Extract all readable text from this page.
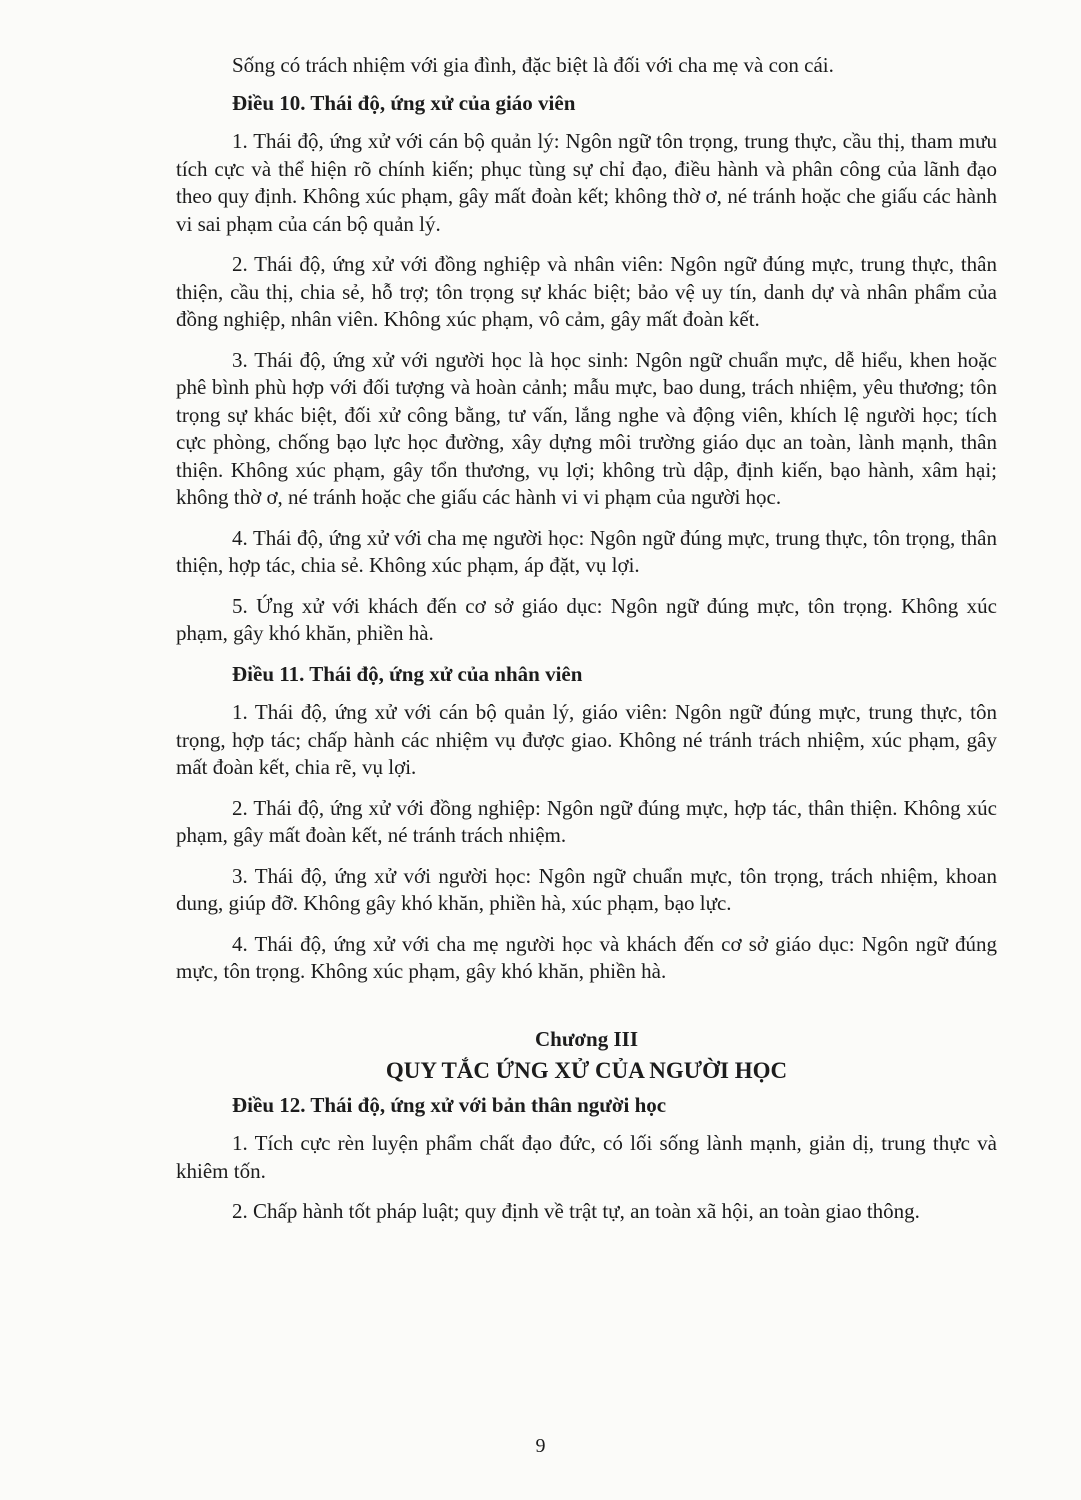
Sống có trách nhiệm với gia đình, đặc biệt là đối với cha mẹ và con cái.

Điều 10. Thái độ, ứng xử của giáo viên

1. Thái độ, ứng xử với cán bộ quản lý: Ngôn ngữ tôn trọng, trung thực, cầu thị, tham mưu tích cực và thể hiện rõ chính kiến; phục tùng sự chỉ đạo, điều hành và phân công của lãnh đạo theo quy định. Không xúc phạm, gây mất đoàn kết; không thờ ơ, né tránh hoặc che giấu các hành vi sai phạm của cán bộ quản lý.

2. Thái độ, ứng xử với đồng nghiệp và nhân viên: Ngôn ngữ đúng mực, trung thực, thân thiện, cầu thị, chia sẻ, hỗ trợ; tôn trọng sự khác biệt; bảo vệ uy tín, danh dự và nhân phẩm của đồng nghiệp, nhân viên. Không xúc phạm, vô cảm, gây mất đoàn kết.

3. Thái độ, ứng xử với người học là học sinh: Ngôn ngữ chuẩn mực, dễ hiểu, khen hoặc phê bình phù hợp với đối tượng và hoàn cảnh; mẫu mực, bao dung, trách nhiệm, yêu thương; tôn trọng sự khác biệt, đối xử công bằng, tư vấn, lắng nghe và động viên, khích lệ người học; tích cực phòng, chống bạo lực học đường, xây dựng môi trường giáo dục an toàn, lành mạnh, thân thiện. Không xúc phạm, gây tổn thương, vụ lợi; không trù dập, định kiến, bạo hành, xâm hại; không thờ ơ, né tránh hoặc che giấu các hành vi vi phạm của người học.

4. Thái độ, ứng xử với cha mẹ người học: Ngôn ngữ đúng mực, trung thực, tôn trọng, thân thiện, hợp tác, chia sẻ. Không xúc phạm, áp đặt, vụ lợi.

5. Ứng xử với khách đến cơ sở giáo dục: Ngôn ngữ đúng mực, tôn trọng. Không xúc phạm, gây khó khăn, phiền hà.

Điều 11. Thái độ, ứng xử của nhân viên

1. Thái độ, ứng xử với cán bộ quản lý, giáo viên: Ngôn ngữ đúng mực, trung thực, tôn trọng, hợp tác; chấp hành các nhiệm vụ được giao. Không né tránh trách nhiệm, xúc phạm, gây mất đoàn kết, chia rẽ, vụ lợi.

2. Thái độ, ứng xử với đồng nghiệp: Ngôn ngữ đúng mực, hợp tác, thân thiện. Không xúc phạm, gây mất đoàn kết, né tránh trách nhiệm.

3. Thái độ, ứng xử với người học: Ngôn ngữ chuẩn mực, tôn trọng, trách nhiệm, khoan dung, giúp đỡ. Không gây khó khăn, phiền hà, xúc phạm, bạo lực.

4. Thái độ, ứng xử với cha mẹ người học và khách đến cơ sở giáo dục: Ngôn ngữ đúng mực, tôn trọng. Không xúc phạm, gây khó khăn, phiền hà.

Chương III
QUY TẮC ỨNG XỬ CỦA NGƯỜI HỌC
Điều 12. Thái độ, ứng xử với bản thân người học

1. Tích cực rèn luyện phẩm chất đạo đức, có lối sống lành mạnh, giản dị, trung thực và khiêm tốn.

2. Chấp hành tốt pháp luật; quy định về trật tự, an toàn xã hội, an toàn giao thông.

9
